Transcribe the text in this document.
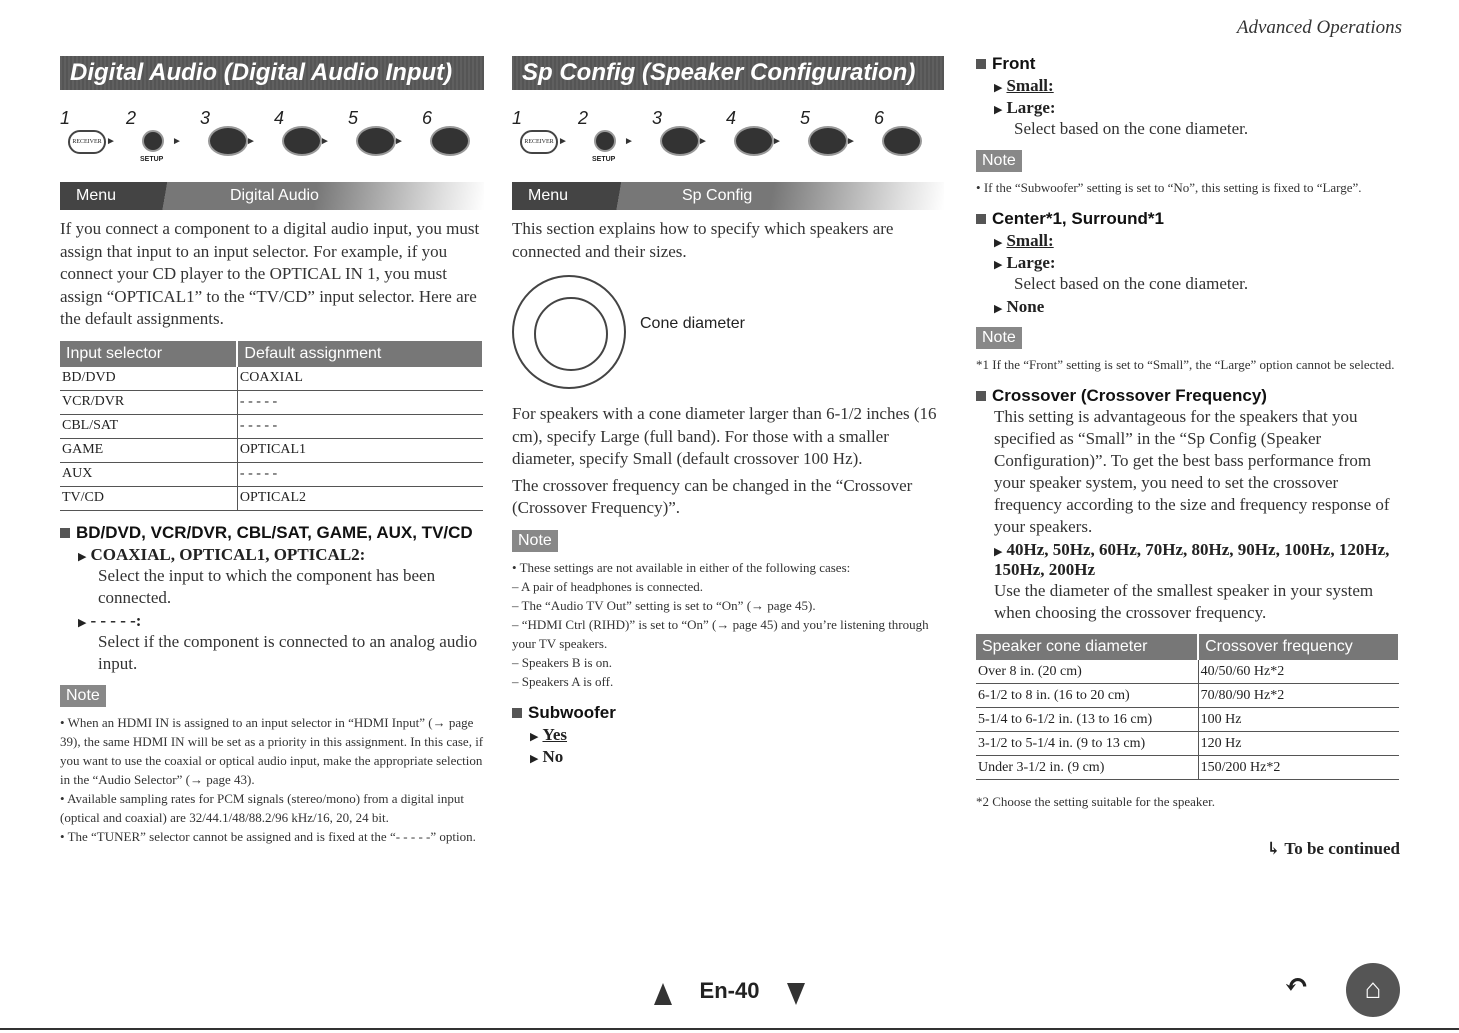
Advanced Operations
Digital Audio (Digital Audio Input)
1
RECEIVER ►
2
SETUP
►
3
►
4
►
5
►
6
Menu	Digital Audio

If you connect a component to a digital audio input, you must assign that input to an input selector. For example, if you connect your CD player to the OPTICAL IN 1, you must assign “OPTICAL1” to the “TV/CD” input selector. Here are the default assignments.

Input selector	Default assignment
BD/DVD	COAXIAL
VCR/DVR	- - - - -
CBL/SAT	- - - - -
GAME	OPTICAL1
AUX	- - - - -
TV/CD	OPTICAL2
BD/DVD, VCR/DVR, CBL/SAT, GAME, AUX, TV/CD
▶ COAXIAL, OPTICAL1, OPTICAL2:
Select the input to which the component has been connected.
▶ - - - - -:
Select if the component is connected to an analog audio input.
Note
• When an HDMI IN is assigned to an input selector in “HDMI Input” (→ page 39), the same HDMI IN will be set as a priority in this assignment. In this case, if you want to use the coaxial or optical audio input, make the appropriate selection in the “Audio Selector” (→ page 43).
• Available sampling rates for PCM signals (stereo/mono) from a digital input (optical and coaxial) are 32/44.1/48/88.2/96 kHz/16, 20, 24 bit.
• The “TUNER” selector cannot be assigned and is fixed at the “- - - - -” option.
Sp Config (Speaker Configuration)
1
RECEIVER ►
2
SETUP
►
3
►
4
►
5
►
6
Menu	Sp Config

This section explains how to specify which speakers are connected and their sizes.

Cone diameter

For speakers with a cone diameter larger than 6-1/2 inches (16 cm), specify Large (full band). For those with a smaller diameter, specify Small (default crossover 100 Hz).

The crossover frequency can be changed in the “Crossover (Crossover Frequency)”.

Note
• These settings are not available in either of the following cases:
– A pair of headphones is connected.
– The “Audio TV Out” setting is set to “On” (→ page 45).
– “HDMI Ctrl (RIHD)” is set to “On” (→ page 45) and you’re listening through your TV speakers.
– Speakers B is on.
– Speakers A is off.
Subwoofer
▶ Yes
▶ No
Front
▶ Small:
▶ Large:
Select based on the cone diameter.
Note
• If the “Subwoofer” setting is set to “No”, this setting is fixed to “Large”.
Center*1, Surround*1
▶ Small:
▶ Large:
Select based on the cone diameter.
▶ None
Note
*1 If the “Front” setting is set to “Small”, the “Large” option cannot be selected.
Crossover (Crossover Frequency)
This setting is advantageous for the speakers that you specified as “Small” in the “Sp Config (Speaker Configuration)”. To get the best bass performance from your speaker system, you need to set the crossover frequency according to the size and frequency response of your speakers.
▶ 40Hz, 50Hz, 60Hz, 70Hz, 80Hz, 90Hz, 100Hz, 120Hz, 150Hz, 200Hz
Use the diameter of the smallest speaker in your system when choosing the crossover frequency.
Speaker cone diameter	Crossover frequency
Over 8 in. (20 cm)	40/50/60 Hz*2
6-1/2 to 8 in. (16 to 20 cm)	70/80/90 Hz*2
5-1/4 to 6-1/2 in. (13 to 16 cm)	100 Hz
3-1/2 to 5-1/4 in. (9 to 13 cm)	120 Hz
Under 3-1/2 in. (9 cm)	150/200 Hz*2
*2 Choose the setting suitable for the speaker.
↳ To be continued
En-40	↶	⌂
